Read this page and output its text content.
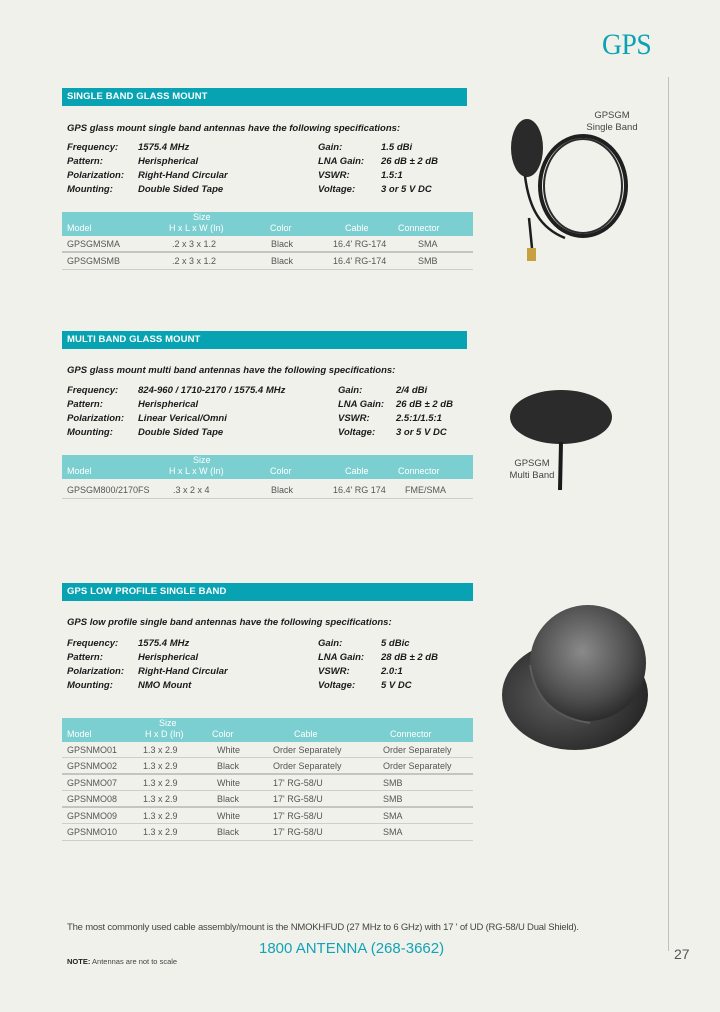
GPS
SINGLE BAND GLASS MOUNT
GPS glass mount single band antennas have the following specifications:
Frequency: 1575.4 MHz	Gain:	1.5 dBi
Pattern:	Herispherical	LNA Gain: 26 dB ± 2 dB
Polarization: Right-Hand Circular	VSWR:	1.5:1
Mounting:	Double Sided Tape	Voltage:	3 or 5 V DC
Size
Model	H x L x W (In)	Color	Cable	Connector
GPSGMSMA	.2 x 3 x 1.2	Black	16.4' RG-174	SMA
GPSGMSMB	.2 x 3 x 1.2	Black	16.4' RG-174	SMB
GPSGM
Single Band
MULTI BAND GLASS MOUNT
GPS glass mount multi band antennas have the following specifications:
Frequency: 824-960 / 1710-2170 / 1575.4 MHz	Gain:	2/4 dBi
Pattern:	Herispherical	LNA Gain: 26 dB ± 2 dB
Polarization: Linear Verical/Omni	VSWR:	2.5:1/1.5:1
Mounting:	Double Sided Tape	Voltage: 3 or 5 V DC
Size
Model	H x L x W (In)	Color	Cable	Connector
GPSGM800/2170FS	.3 x 2 x 4	Black	16.4' RG 174 FME/SMA
GPSGM
Multi Band
GPS LOW PROFILE SINGLE BAND
GPS low profile single band antennas have the following specifications:
Frequency: 1575.4 MHz	Gain:	5 dBic
Pattern:	Herispherical	LNA Gain: 28 dB ± 2 dB
Polarization: Right-Hand Circular	VSWR:	2.0:1
Mounting:	NMO Mount	Voltage:	5 V DC
Size
Model	H x D (In)	Color	Cable	Connector
GPSNMO01	1.3 x 2.9	White	Order Separately	Order Separately
GPSNMO02	1.3 x 2.9	Black	Order Separately	Order Separately
GPSNMO07	1.3 x 2.9	White	17' RG-58/U	SMB
GPSNMO08	1.3 x 2.9	Black	17' RG-58/U	SMB
GPSNMO09	1.3 x 2.9	White	17' RG-58/U	SMA
GPSNMO10	1.3 x 2.9	Black	17' RG-58/U	SMA
The most commonly used cable assembly/mount is the NMOKHFUD (27 MHz to 6 GHz) with 17 ' of UD (RG-58/U Dual Shield).
1800 ANTENNA (268-3662)
NOTE: Antennas are not to scale	27
